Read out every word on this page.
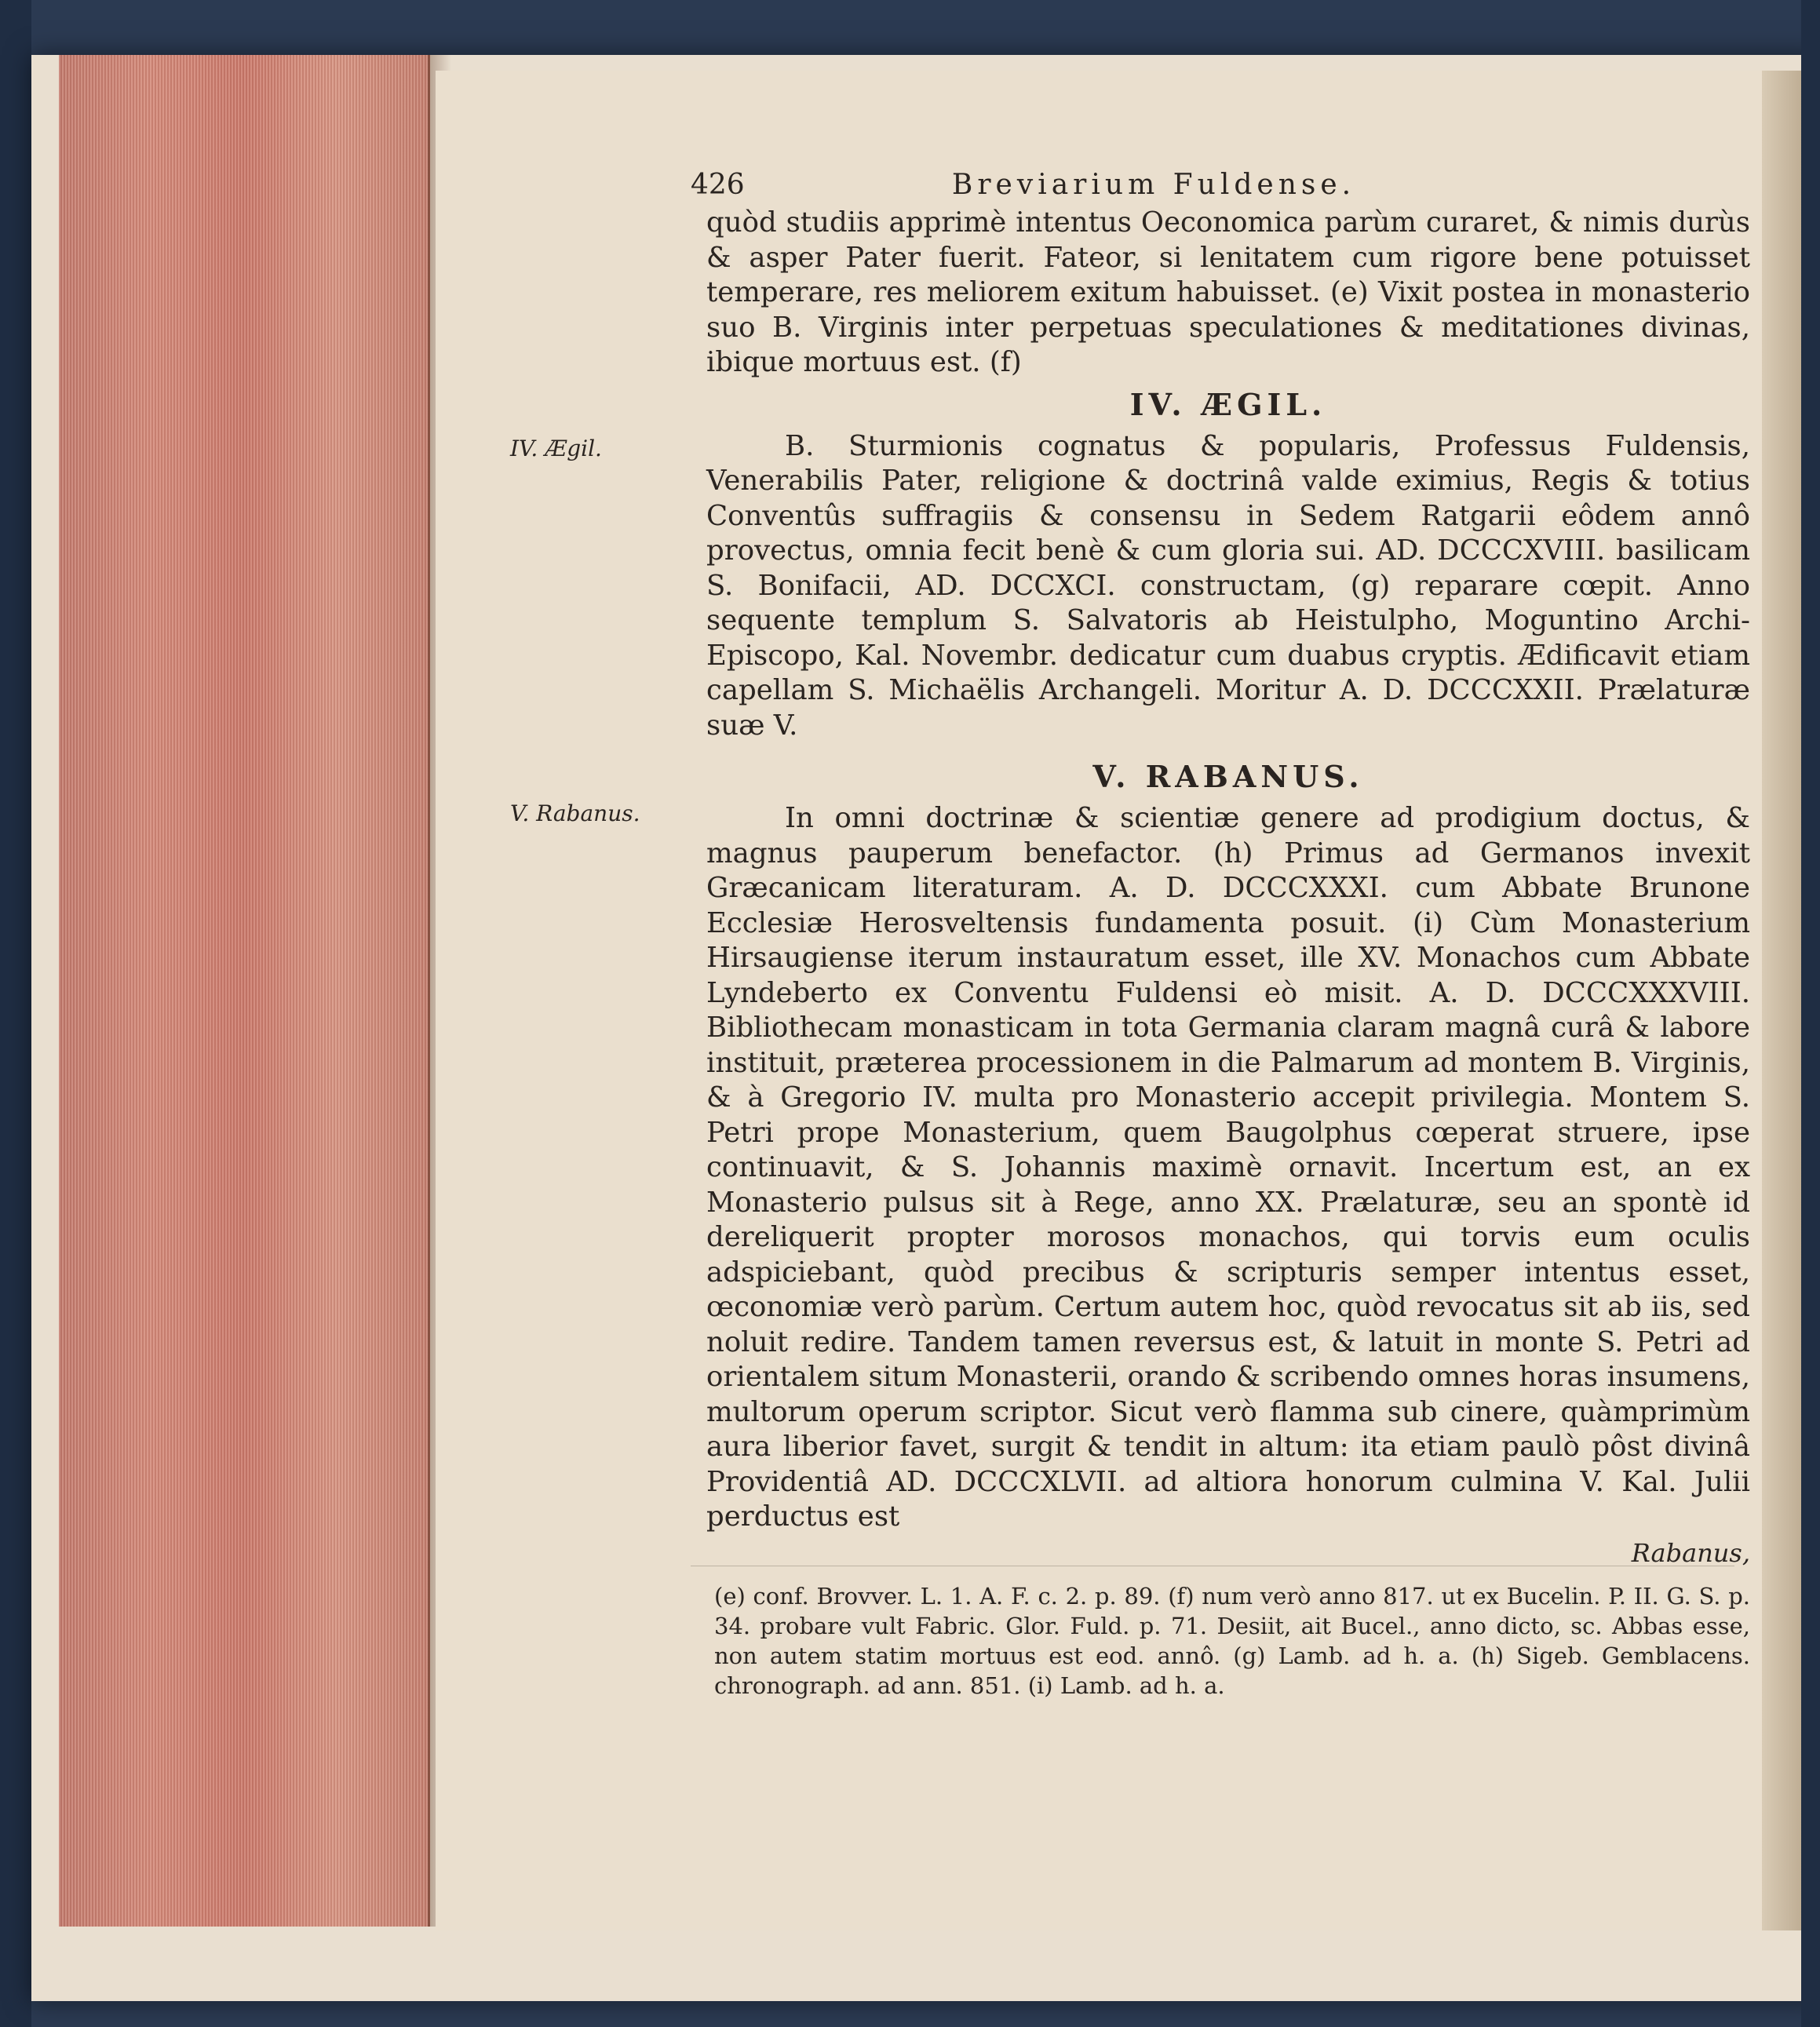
426	Breviarium Fuldense.
IV. Ægil.
V. Rabanus.

quòd studiis apprimè intentus Oeconomica parùm curaret, & nimis durùs & asper Pater fuerit. Fateor, si lenitatem cum rigore bene potuisset temperare, res meliorem exitum habuisset. (e) Vixit postea in monasterio suo B. Virginis inter perpetuas speculationes & meditationes divinas, ibique mortuus est. (f)

IV. ÆGIL.

B. Sturmionis cognatus & popularis, Professus Fuldensis, Venerabilis Pater, religione & doctrinâ valde eximius, Regis & totius Conventûs suffragiis & consensu in Sedem Ratgarii eôdem annô provectus, omnia fecit benè & cum gloria sui. AD. DCCCXVIII. basilicam S. Bonifacii, AD. DCCXCI. constructam, (g) reparare cœpit. Anno sequente templum S. Salvatoris ab Heistulpho, Moguntino Archi-Episcopo, Kal. Novembr. dedicatur cum duabus cryptis. Ædificavit etiam capellam S. Michaëlis Archangeli. Moritur A. D. DCCCXXII. Prælaturæ suæ V.

V. RABANUS.

In omni doctrinæ & scientiæ genere ad prodigium doctus, & magnus pauperum benefactor. (h) Primus ad Germanos invexit Græcanicam literaturam. A. D. DCCCXXXI. cum Abbate Brunone Ecclesiæ Herosveltensis fundamenta posuit. (i) Cùm Monasterium Hirsaugiense iterum instauratum esset, ille XV. Monachos cum Abbate Lyndeberto ex Conventu Fuldensi eò misit. A. D. DCCCXXXVIII. Bibliothecam monasticam in tota Germania claram magnâ curâ & labore instituit, præterea processionem in die Palmarum ad montem B. Virginis, & à Gregorio IV. multa pro Monasterio accepit privilegia. Montem S. Petri prope Monasterium, quem Baugolphus cœperat struere, ipse continuavit, & S. Johannis maximè ornavit. Incertum est, an ex Monasterio pulsus sit à Rege, anno XX. Prælaturæ, seu an spontè id dereliquerit propter morosos monachos, qui torvis eum oculis adspiciebant, quòd precibus & scripturis semper intentus esset, œconomiæ verò parùm. Certum autem hoc, quòd revocatus sit ab iis, sed noluit redire. Tandem tamen reversus est, & latuit in monte S. Petri ad orientalem situm Monasterii, orando & scribendo omnes horas insumens, multorum operum scriptor. Sicut verò flamma sub cinere, quàmprimùm aura liberior favet, surgit & tendit in altum: ita etiam paulò pôst divinâ Providentiâ AD. DCCCXLVII. ad altiora honorum culmina V. Kal. Julii perductus est

Rabanus,

(e) conf. Brovver. L. 1. A. F. c. 2. p. 89. (f) num verò anno 817. ut ex Bucelin. P. II. G. S. p. 34. probare vult Fabric. Glor. Fuld. p. 71. Desiit, ait Bucel., anno dicto, sc. Abbas esse, non autem statim mortuus est eod. annô. (g) Lamb. ad h. a. (h) Sigeb. Gemblacens. chronograph. ad ann. 851. (i) Lamb. ad h. a.
